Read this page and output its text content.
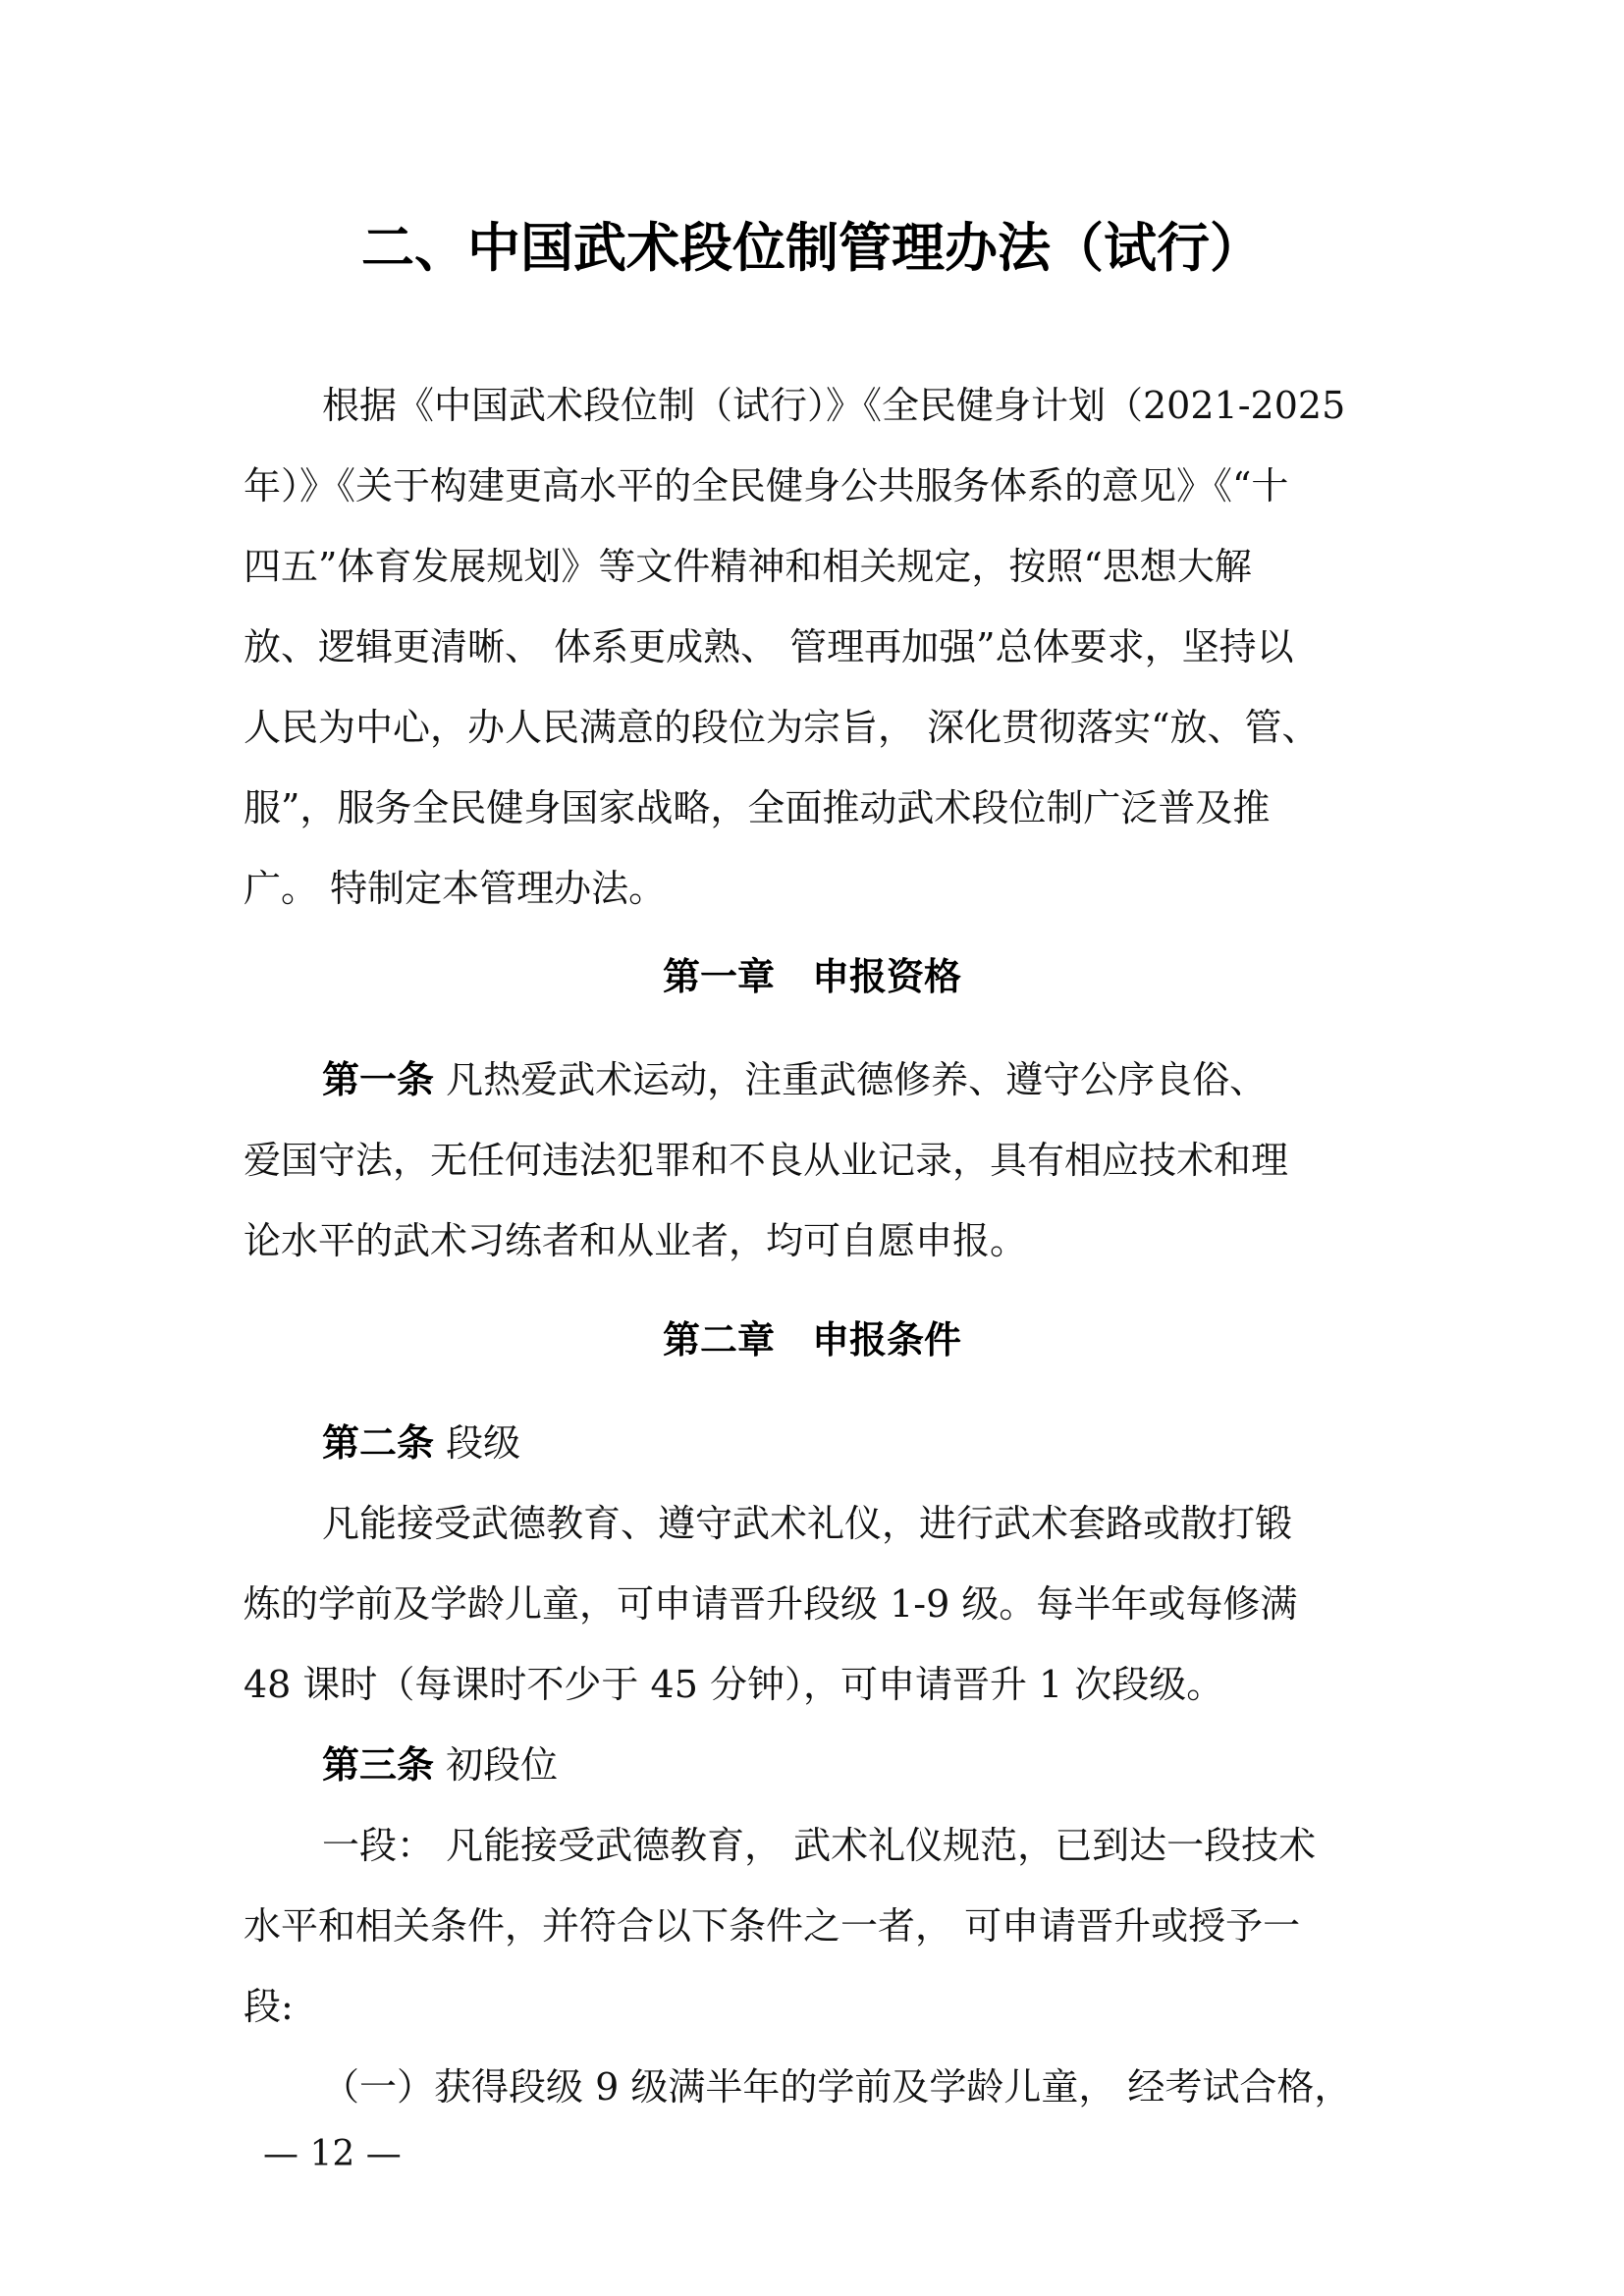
二、中国武术段位制管理办法（试行）
根据《中国武术段位制（试行）》《全民健身计划（2021-2025
年）》《关于构建更高水平的全民健身公共服务体系的意见》《“十
四五”体育发展规划》等文件精神和相关规定，按照“思想大解
放、逻辑更清晰、 体系更成熟、 管理再加强”总体要求，坚持以
人民为中心，办人民满意的段位为宗旨， 深化贯彻落实“放、管、
服”，服务全民健身国家战略，全面推动武术段位制广泛普及推
广。 特制定本管理办法。
第一章　申报资格
第一条 凡热爱武术运动，注重武德修养、遵守公序良俗、
爱国守法，无任何违法犯罪和不良从业记录，具有相应技术和理
论水平的武术习练者和从业者，均可自愿申报。
第二章　申报条件
第二条 段级
凡能接受武德教育、遵守武术礼仪，进行武术套路或散打锻
炼的学前及学龄儿童，可申请晋升段级 1-9 级。每半年或每修满
48 课时（每课时不少于 45 分钟），可申请晋升 1 次段级。
第三条 初段位
一段： 凡能接受武德教育， 武术礼仪规范，已到达一段技术
水平和相关条件，并符合以下条件之一者， 可申请晋升或授予一
段:
（一）获得段级 9 级满半年的学前及学龄儿童， 经考试合格，
— 12 —
